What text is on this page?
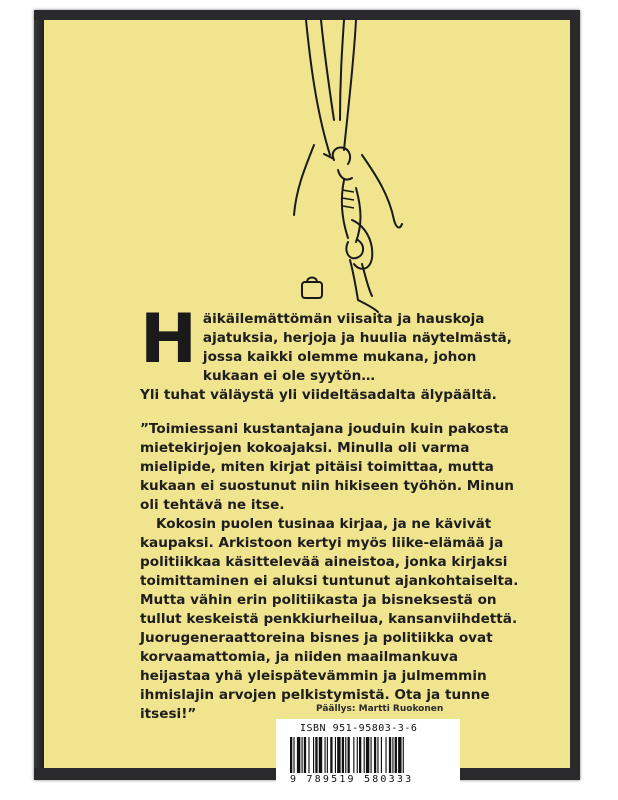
H äikäilemättömän viisaita ja hauskoja
ajatuksia, herjoja ja huulia näytelmästä,
jossa kaikki olemme mukana, johon
kukaan ei ole syytön…
Yli tuhat väläystä yli viideltäsadalta älypäältä.

”Toimiessani kustantajana jouduin kuin pakosta
mietekirjojen kokoajaksi. Minulla oli varma
mielipide, miten kirjat pitäisi toimittaa, mutta
kukaan ei suostunut niin hikiseen työhön. Minun
oli tehtävä ne itse.

Kokosin puolen tusinaa kirjaa, ja ne kävivät
kaupaksi. Arkistoon kertyi myös liike-elämää ja
politiikkaa käsittelevää aineistoa, jonka kirjaksi
toimittaminen ei aluksi tuntunut ajankohtaiselta.
Mutta vähin erin politiikasta ja bisneksestä on
tullut keskeistä penkkiurheilua, kansanviihdettä.
Juorugeneraattoreina bisnes ja politiikka ovat
korvaamattomia, ja niiden maailmankuva
heijastaa yhä yleispätevämmin ja julmemmin
ihmislajin arvojen pelkistymistä. Ota ja tunne
itsesi!”	Päällys: Martti Ruokonen
ISBN 951-95803-3-6
9 789519 580333
